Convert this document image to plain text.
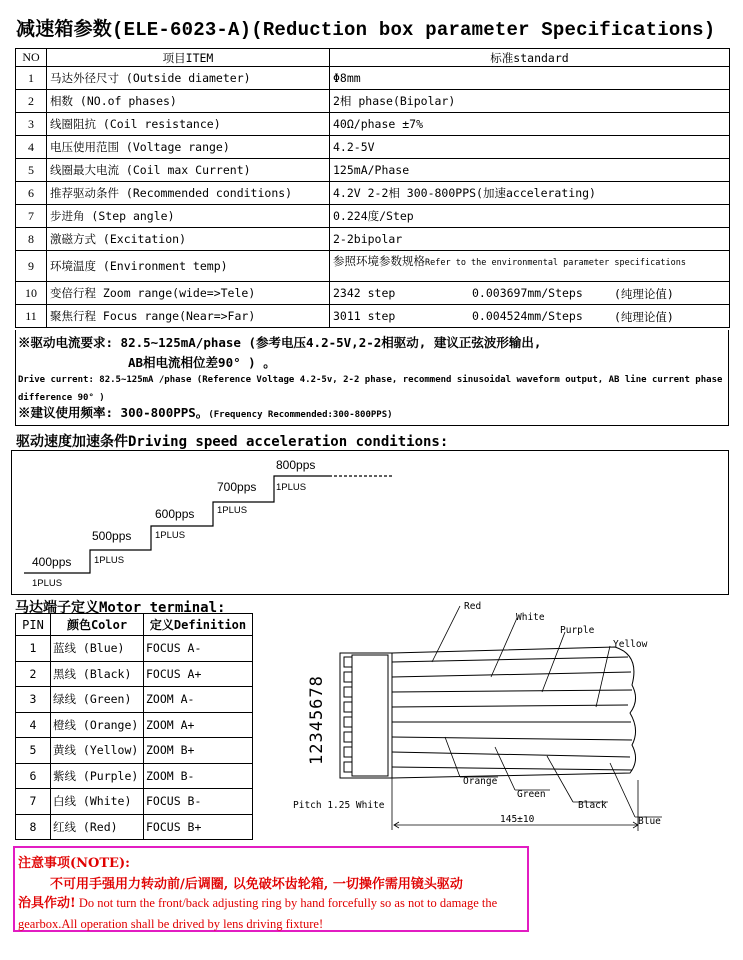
减速箱参数(ELE-6023-A)(Reduction box parameter Specifications)
NO	项目ITEM	标准standard
1	马达外径尺寸 (Outside diameter)	Φ8mm
2	相数 (NO.of phases)	2相 phase(Bipolar)
3	线圈阻抗 (Coil resistance)	40Ω/phase ±7%
4	电压使用范围 (Voltage range)	4.2-5V
5	线圈最大电流 (Coil max Current)	125mA/Phase
6	推荐驱动条件 (Recommended conditions)	4.2V 2-2相 300-800PPS(加速accelerating)
7	步进角 (Step angle)	0.224度/Step
8	激磁方式 (Excitation)	2-2bipolar
9	环境温度 (Environment temp)	参照环境参数规格Refer to the environmental parameter specifications
10	变倍行程 Zoom range(wide=>Tele)	2342 step 0.003697mm/Steps (纯理论值)

11	聚焦行程 Focus range(Near=>Far)	3011 step 0.004524mm/Steps (纯理论值)
※驱动电流要求: 82.5~125mA/phase (参考电压4.2-5V,2-2相驱动, 建议正弦波形输出,
AB相电流相位差90° ) 。
Drive current: 82.5~125mA /phase (Reference Voltage 4.2-5v, 2-2 phase, recommend sinusoidal waveform output, AB line current phase difference 90° )
※建议使用频率: 300-800PPS。(Frequency Recommended:300-800PPS)
驱动速度加速条件Driving speed acceleration conditions:
400pps
1PLUS
500pps
1PLUS
600pps
1PLUS
700pps
1PLUS
800pps
1PLUS
马达端子定义Motor terminal:
PIN	颜色Color	定义Definition
1	蓝线 (Blue)	FOCUS A-
2	黑线 (Black)	FOCUS A+
3	绿线 (Green)	ZOOM A-
4	橙线 (Orange)	ZOOM A+
5	黄线 (Yellow)	ZOOM B+
6	紫线 (Purple)	ZOOM B-
7	白线 (White)	FOCUS B-
8	红线 (Red)	FOCUS B+
12345678
Red
White
Purple
Yellow
Orange
Green
Black
Blue
Pitch 1.25 White
145±10
注意事项(NOTE):
不可用手强用力转动前/后调圈, 以免破坏齿轮箱, 一切操作需用镜头驱动
治具作动! Do not turn the front/back adjusting ring by hand forcefully so as not to damage the gearbox.All operation shall be drived by lens driving fixture!
